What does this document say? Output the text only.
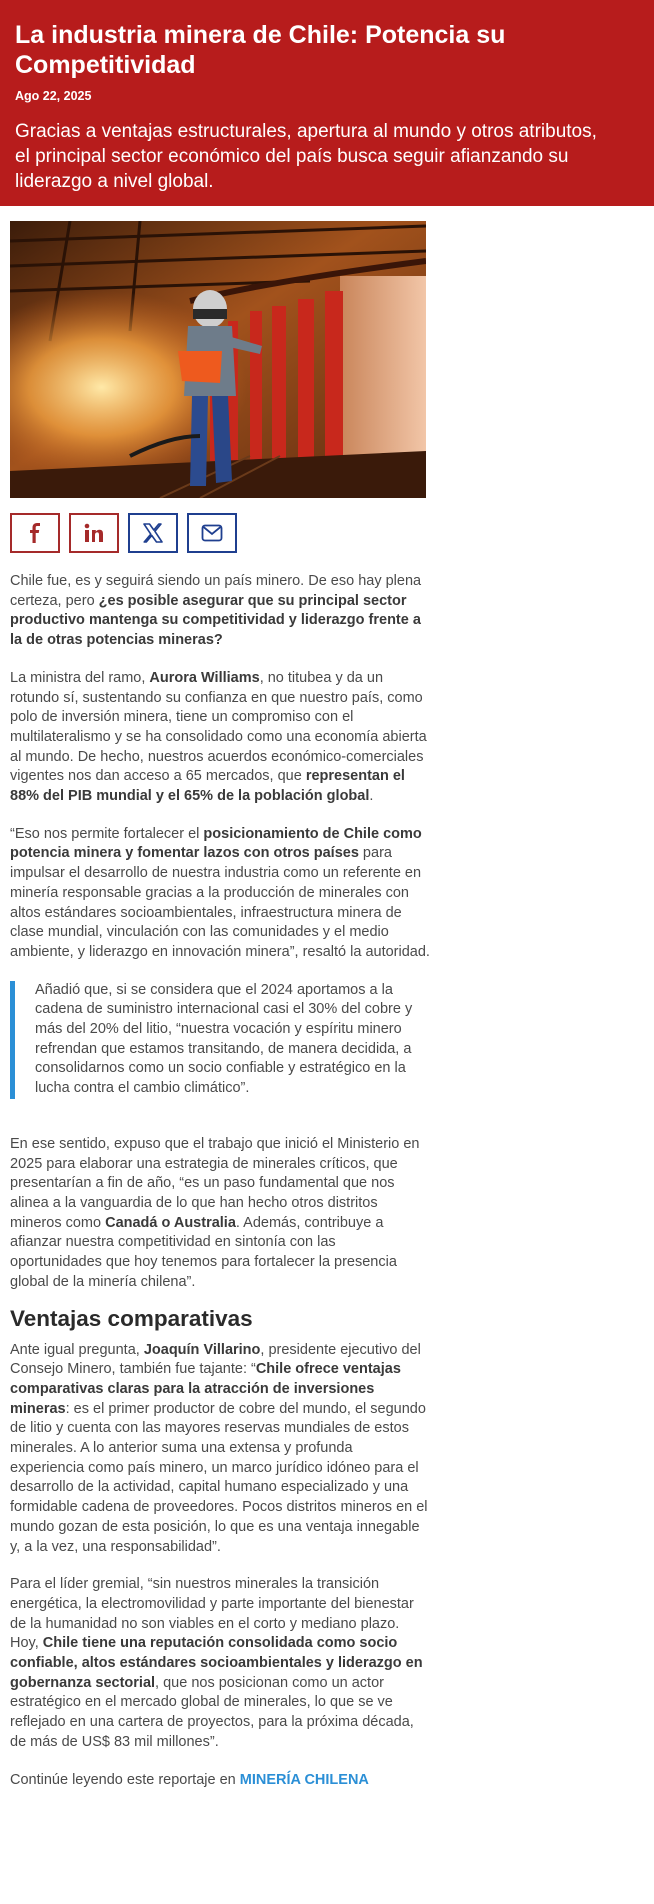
La industria minera de Chile: Potencia su Competitividad
Ago 22, 2025

Gracias a ventajas estructurales, apertura al mundo y otros atributos, el principal sector económico del país busca seguir afianzando su liderazgo a nivel global.

Chile fue, es y seguirá siendo un país minero. De eso hay plena certeza, pero ¿es posible asegurar que su principal sector productivo mantenga su competitividad y liderazgo frente a la de otras potencias mineras?

La ministra del ramo, Aurora Williams, no titubea y da un rotundo sí, sustentando su confianza en que nuestro país, como polo de inversión minera, tiene un compromiso con el multilateralismo y se ha consolidado como una economía abierta al mundo. De hecho, nuestros acuerdos económico-comerciales vigentes nos dan acceso a 65 mercados, que representan el 88% del PIB mundial y el 65% de la población global.

“Eso nos permite fortalecer el posicionamiento de Chile como potencia minera y fomentar lazos con otros países para impulsar el desarrollo de nuestra industria como un referente en minería responsable gracias a la producción de minerales con altos estándares socioambientales, infraestructura minera de clase mundial, vinculación con las comunidades y el medio ambiente, y liderazgo en innovación minera”, resaltó la autoridad.

Añadió que, si se considera que el 2024 aportamos a la cadena de suministro internacional casi el 30% del cobre y más del 20% del litio, “nuestra vocación y espíritu minero refrendan que estamos transitando, de manera decidida, a consolidarnos como un socio confiable y estratégico en la lucha contra el cambio climático”.

En ese sentido, expuso que el trabajo que inició el Ministerio en 2025 para elaborar una estrategia de minerales críticos, que presentarían a fin de año, “es un paso fundamental que nos alinea a la vanguardia de lo que han hecho otros distritos mineros como Canadá o Australia. Además, contribuye a afianzar nuestra competitividad en sintonía con las oportunidades que hoy tenemos para fortalecer la presencia global de la minería chilena”.

Ventajas comparativas

Ante igual pregunta, Joaquín Villarino, presidente ejecutivo del Consejo Minero, también fue tajante: “Chile ofrece ventajas comparativas claras para la atracción de inversiones mineras: es el primer productor de cobre del mundo, el segundo de litio y cuenta con las mayores reservas mundiales de estos minerales. A lo anterior suma una extensa y profunda experiencia como país minero, un marco jurídico idóneo para el desarrollo de la actividad, capital humano especializado y una formidable cadena de proveedores. Pocos distritos mineros en el mundo gozan de esta posición, lo que es una ventaja innegable y, a la vez, una responsabilidad”.

Para el líder gremial, “sin nuestros minerales la transición energética, la electromovilidad y parte importante del bienestar de la humanidad no son viables en el corto y mediano plazo. Hoy, Chile tiene una reputación consolidada como socio confiable, altos estándares socioambientales y liderazgo en gobernanza sectorial, que nos posicionan como un actor estratégico en el mercado global de minerales, lo que se ve reflejado en una cartera de proyectos, para la próxima década, de más de US$ 83 mil millones”.

Continúe leyendo este reportaje en MINERÍA CHILENA
